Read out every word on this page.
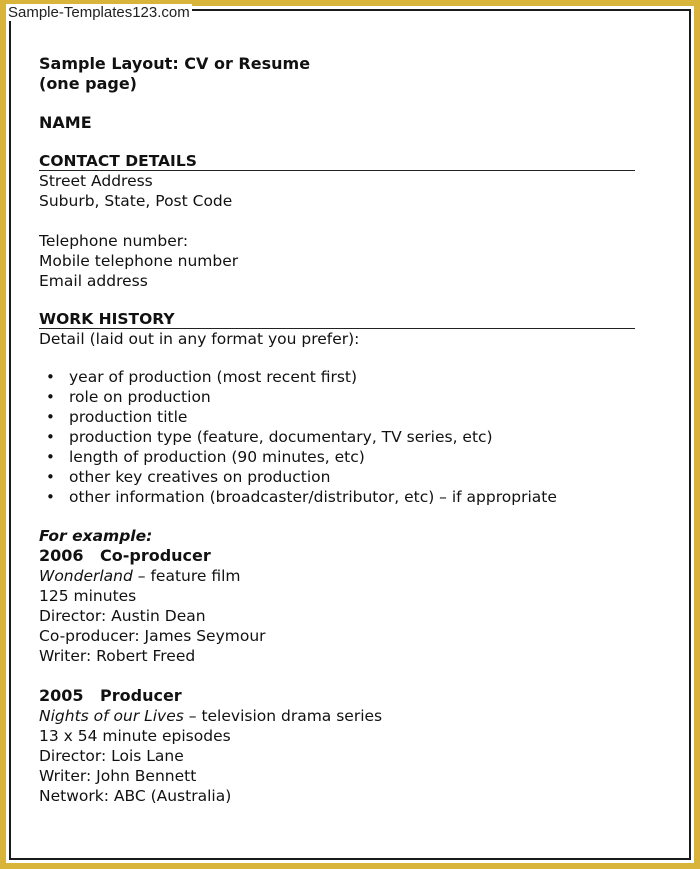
Sample-Templates123.com
Sample Layout: CV or Resume
(one page)
NAME
CONTACT DETAILS
Street Address
Suburb, State, Post Code
Telephone number:
Mobile telephone number
Email address
WORK HISTORY
Detail (laid out in any format you prefer):
• year of production (most recent first)
• role on production
• production title
• production type (feature, documentary, TV series, etc)
• length of production (90 minutes, etc)
• other key creatives on production
• other information (broadcaster/distributor, etc) – if appropriate
For example:
2006 Co-producer
Wonderland – feature film
125 minutes
Director: Austin Dean
Co-producer: James Seymour
Writer: Robert Freed
2005 Producer
Nights of our Lives – television drama series
13 x 54 minute episodes
Director: Lois Lane
Writer: John Bennett
Network: ABC (Australia)
